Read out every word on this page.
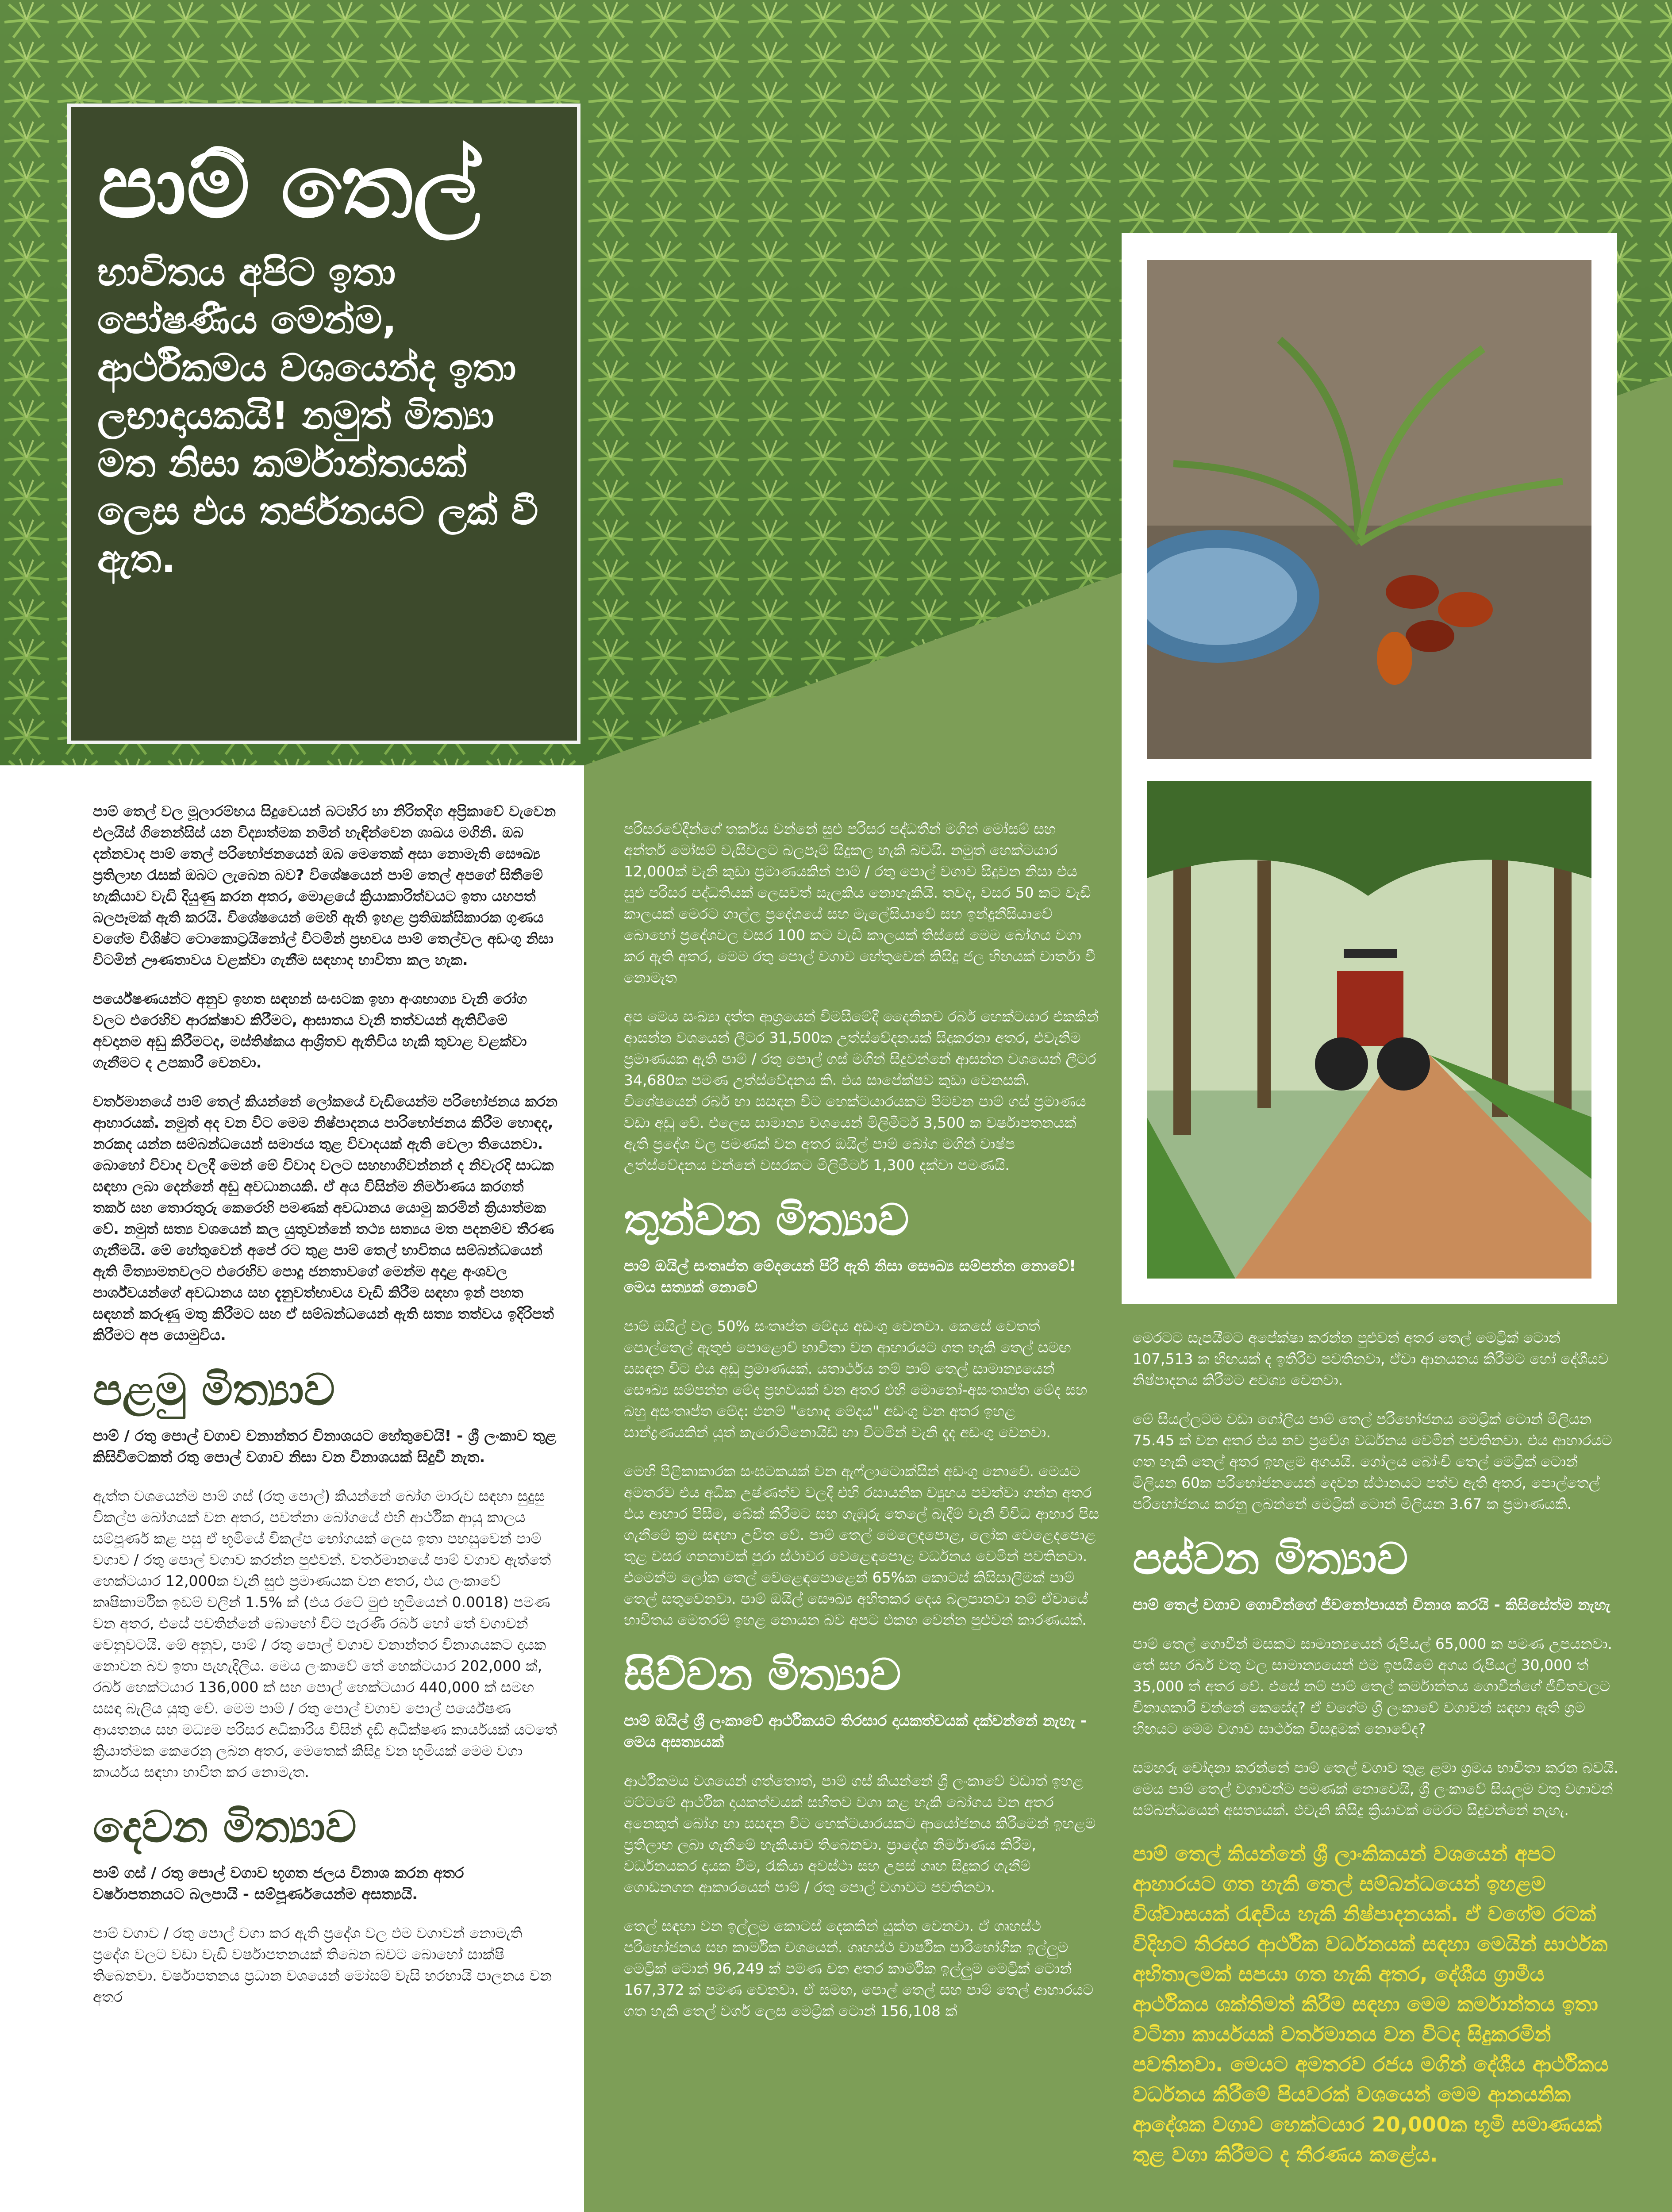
පාම් තෙල්

භාවිතය අපිට ඉතා පෝෂණීය මෙන්ම, ආර්ථිකමය වශයෙන්ද ඉතා ලභාදායකයි! නමුත් මිත්‍යා මත නිසා කර්මාන්තයක් ලෙස එය තර්ජනයට ලක් වී ඇත.

පාම් තෙල් වල මූලාරම්භය සිදුවෙයන් බටහිර හා නිරිතදිග අප්‍රිකාවේ වැවෙන එලයිස් ගිනෙන්සිස් යන විද්‍යාත්මක නමින් හැඳින්වෙන ශාඛය මගිනි. ඔබ දන්නවාද පාම් තෙල් පරිභෝජනයෙන් ඔබ මෙතෙක් අසා නොමැති සෞඛ්‍ය ප්‍රතිලාභ රැසක් ඔබට ලැබෙන බව? විශේෂයෙන් පාම් තෙල් අපගේ සිතීමේ හැකියාව වැඩි දියුණු කරන අතර, මොළයේ ක්‍රියාකාරිත්වයට ඉතා යහපත් බලපෑමක් ඇති කරයි. විශේෂයෙන් මෙහි ඇති ඉහළ ප්‍රතිඔක්සිකාරක ගුණය වගේම විශිෂ්ට ටොකොට්‍රයිනෝල් විටමින් ප්‍රභවය පාම් තෙල්වල අඩංගු නිසා විටමින් ඌණතාවය වළක්වා ගැනීම සඳහාද භාවිතා කල හැක.

පර්යේෂණයන්ට අනුව ඉහත සඳහන් සංඝටක ඉහා අංශභාග්‍ය වැනි රෝග වලට එරෙහිව ආරක්ෂාව කිරීමට, ආඝාතය වැනි තත්වයන් ඇතිවීමේ අවදානම අඩු කිරීමටද, මස්තිෂ්කය ආශ්‍රිතව ඇතිවිය හැකි තුවාළ වළක්වා ගැනීමට ද උපකාරී වෙනවා.

වර්තමානයේ පාම් තෙල් කියන්නේ ලෝකයේ වැඩියෙන්ම පරිභෝජනය කරන ආහාරයක්. නමුත් අද වන විට මෙම නිෂ්පාදනය පාරිභෝජනය කිරීම හොඳද, නරකද යන්න සම්බන්ධයෙන් සමාජය තුළ විවාදයක් ඇති වෙලා තියෙනවා. බොහෝ විවාද වලදී මෙන් මේ විවාද වලට සහභාගිවන්නන් ද නිවැරදි සාධක සඳහා ලබා දෙන්නේ අඩු අවධානයකි. ඒ අය විසින්ම නිර්මාණය කරගත් තර්ක සහ තොරතුරු කෙරෙහි පමණක් අවධානය යොමු කරමින් ක්‍රියාත්මක වේ. නමුත් සත්‍ය වශයෙන් කල යුතුවන්නේ තථ්‍ය සත්‍යය මත පදනම්ව තීරණ ගැනීමයි. මේ හේතුවෙන් අපේ රට තුළ පාම් තෙල් භාවිතය සම්බන්ධයෙන් ඇති මිත්‍යාමතවලට එරෙහිව පොදු ජනතාවගේ මෙන්ම අදාළ අංශවල පාර්ශ්වයන්ගේ අවධානය සහ දැනුවත්භාවය වැඩි කිරීම සඳහා ඉන් පහත සඳහන් කරුණු මතු කිරීමට සහ ඒ සම්බන්ධයෙන් ඇති සත්‍ය තත්වය ඉදිරිපත් කිරීමට අප යොමුවිය.

පළමු මිත්‍යාව

පාම් / රතු පොල් වගාව වනාන්තර විනාශයට හේතුවෙයි! - ශ්‍රී ලංකාව තුළ කිසිවිටෙකත් රතු පොල් වගාව නිසා වන විනාශයක් සිදුවී නැත.

ඇත්ත වශයෙන්ම පාම් ගස් (රතු පොල්) කියන්නේ බෝග මාරුව සඳහා සුදුසු විකල්ප බෝගයක් වන අතර, පවත්නා බෝගයේ එහි ආර්ථික ආයු කාලය සම්පූර්ණ කළ පසු ඒ භූමියේ විකල්ප භෝගයක් ලෙස ඉතා පහසුවෙන් පාම් වගාව / රතු පොල් වගාව කරන්න පුළුවන්. වර්තමානයේ පාම් වගාව ඇත්තේ හෙක්ටයාර 12,000ක වැනි සුළු ප්‍රමාණයක වන අතර, එය ලංකාවේ කෘෂිකාර්මික ඉඩම් වලින් 1.5% ක් (එය රටේ මුළු භූමියෙන් 0.0018) පමණ වන අතර, එසේ පවතින්නේ බොහෝ විට පැරණි රබර් හෝ තේ වගාවන් වෙනුවටයි. මේ අනුව, පාම් / රතු පොල් වගාව වනාන්තර විනාශයකට දායක නොවන බව ඉතා පැහැදිලිය. මෙය ලංකාවේ තේ හෙක්ටයාර 202,000 ක්, රබර් හෙක්ටයාර 136,000 ක් සහ පොල් හෙක්ටයාර 440,000 ක් සමඟ සසඳා බැලිය යුතු වේ. මෙම පාම් / රතු පොල් වගාව පොල් පර්යේෂණ ආයතනය සහ මධ්‍යම පරිසර අධිකාරිය විසින් දැඩි අධීක්ෂණ කාර්යයක් යටතේ ක්‍රියාත්මක කෙරෙනු ලබන අතර, මෙතෙක් කිසිදු වන භූමියක් මෙම වගා කාර්යය සඳහා භාවිත කර නොමැත.

දෙවන මිත්‍යාව

පාම් ගස් / රතු පොල් වගාව භූගත ජලය විනාශ කරන අතර වර්ෂාපතනයට බලපායි - සම්පූර්ණයෙන්ම අසත්‍යයි.

පාම් වගාව / රතු පොල් වගා කර ඇති ප්‍රදේශ වල එම වගාවන් නොමැති ප්‍රදේශ වලට වඩා වැඩි වර්ෂාපතනයක් තිබෙන බවට බොහෝ සාක්ෂි තිබෙනවා. වර්ෂාපතනය ප්‍රධාන වශයෙන් මෝසම් වැසි හරහායි පාලනය වන අතර

පරිසරවේදීන්ගේ තර්කය වන්නේ සුළු පරිසර පද්ධතීන් මගින් මෝසම් සහ අන්තර් මෝසම් වැසිවලට බලපෑම් සිදුකල හැකි බවයි. නමුත් හෙක්ටයාර 12,000ක් වැනි කුඩා ප්‍රමාණයකින් පාම් / රතු පොල් වගාව සිදුවන නිසා එය සුළු පරිසර පද්ධතියක් ලෙසවත් සැලකිය නොහැකියි. තවද, වසර 50 කට වැඩි කාලයක් මෙරට ගාල්ල ප්‍රදේශයේ සහ මැලේසියාවේ සහ ඉන්දුනීසියාවේ බොහෝ ප්‍රදේශවල වසර 100 කට වැඩි කාලයක් තිස්සේ මෙම බෝගය වගා කර ඇති අතර, මෙම රතු පොල් වගාව හේතුවෙන් කිසිදු ජල හිඟයක් වාර්තා වී නොමැත

අප මෙය සංඛ්‍යා දත්ත ආශ්‍රයෙන් විමසීමේදී දෛනිකව රබර් හෙක්ටයාර එකකින් ආසන්න වශයෙන් ලීටර 31,500ක උත්ස්වේදනයක් සිදුකරනා අතර, එවැනිම ප්‍රමාණයක ඇති පාම් / රතු පොල් ගස් මගින් සිදුවන්නේ ආසන්න වශයෙන් ලීටර 34,680ක පමණ උත්ස්වේදනය කි. එය සාපේක්ෂව කුඩා වෙනසකි. විශේෂයෙන් රබර් හා සසඳන විට හෙක්ටයාරයකට පිටවන පාම් ගස් ප්‍රමාණය වඩා අඩු වේ. එලෙස සාමාන්‍ය වශයෙන් මිලිමීටර් 3,500 ක වර්ෂාපතනයක් ඇති ප්‍රදේශ වල පමණක් වන අතර ඔයිල් පාම් බෝග මගින් වාෂ්ප උත්ස්වේදනය වන්නේ වසරකට මිලිමීටර් 1,300 දක්වා පමණයි.

තුන්වන මිත්‍යාව

පාම් ඔයිල් සංතෘප්ත මේදයෙන් පිරී ඇති නිසා සෞඛ්‍ය සම්පන්න නොවේ! මෙය සත්‍යක් නොවේ

පාම් ඔයිල් වල 50% සංතෘප්ත මේදය අඩංගු වෙනවා. කෙසේ වෙතත් පොල්තෙල් ඇතුළු පොළොව් භාවිතා වන ආහාරයට ගත හැකි තෙල් සමඟ සසඳන විට එය අඩු ප්‍රමාණයක්. යතාර්ථය නම් පාම් තෙල් සාමාන්‍යයෙන් සෞඛ්‍ය සම්පන්න මේද ප්‍රභවයක් වන අතර එහි මොනෝ-අසංතෘප්ත මේද සහ බහු අසංතෘප්ත මේද: එනම් "හොඳ මේදය" අඩංගු වන අතර ඉහළ සාන්ද්‍රණයකින් යුත් කැරොටිනොයිඩ් හා විටමින් වැනි දෑද අඩංගු වෙනවා.

මෙහි පිළිකාකාරක සංඝටකයක් වන ඇෆ්ලාටොක්සින් අඩංගු නොවේ. මෙයට අමතරව එය අධික උෂ්ණත්ව වලදී එහි රසායනික ව්‍යුහය පවත්වා ගන්න අතර එය ආහාර පිසීම, බේක් කිරීමට සහ ගැඹුරු තෙලේ බැදීම් වැනි විවිධ ආහාර පිස ගැනීමේ ක්‍රම සඳහා උචිත වේ. පාම් තෙල් මෙලෙදපොළ, ලෝක වෙළෙදපොළ තුළ වසර ගනනාවක් පුරා ස්ථාවර වෙළෙඳපොළ වර්ධනය වෙමින් පවතිනවා. එමෙන්ම ලෝක තෙල් වෙළෙඳපොළෙන් 65%ක කොටස් කිසිසාලිමක් පාම් තෙල් සතුවෙනවා. පාම් ඔයිල් සෞඛ්‍ය අහිතකර දෙය බලපානවා නම් ඒවායේ භාවිතය මෙතරම් ඉහළ නොයන බව අපට එකඟ වෙන්න පුළුවන් කාරණයක්.

සිව්වන මිත්‍යාව

පාම් ඔයිල් ශ්‍රී ලංකාවේ ආර්ථිකයට තිරසාර දායකත්වයක් දක්වන්නේ නැහැ - මෙය අසත්‍යයක්

ආර්ථිකමය වශයෙන් ගත්තොත්, පාම් ගස් කියන්නේ ශ්‍රී ලංකාවේ වඩාත් ඉහළ මට්ටමේ ආර්ථික දායකත්වයක් සහිතව වගා කළ හැකි බෝගය වන අතර අනෙකුත් බෝග හා සසඳන විට හෙක්ටයාරයකට ආයෝජනය කිරීමෙන් ඉහළම ප්‍රතිලාභ ලබා ගැනීමේ හැකියාව තිබෙනවා. ප්‍රාදේශ නිර්මාණය කිරීම, වර්ධනයකර දායක වීම, රැකියා අවස්ථා සහ උපස් ගෘහ සිදුකර ගැනීම් ගොඩනගන ආකාරයෙන් පාම් / රතු පොල් වගාවට පවතිනවා.

තෙල් සඳහා වන ඉල්ලුම කොටස් දෙකකින් යුක්ත වෙනවා. ඒ ගෘහස්ථ පරිභෝජනය සහ කාර්මික වශයෙන්. ගෘහස්ථ වාර්ෂික පාරිභෝගික ඉල්ලුම මෙට්‍රික් ටොන් 96,249 ක් පමණ වන අතර කාර්මික ඉල්ලුම මෙට්‍රික් ටොන් 167,372 ක් පමණ වෙනවා. ඒ සමඟ, පොල් තෙල් සහ පාම් තෙල් ආහාරයට ගත හැකි තෙල් වර්ග ලෙස මෙට්‍රික් ටොන් 156,108 ක්

මෙරටට සැපයීමට අපේක්ෂා කරන්න පුළුවන් අතර තෙල් මෙට්‍රික් ටොන් 107,513 ක හිඟයක් ද ඉතිරිව පවතිනවා, ඒවා ආනයනය කිරීමට හෝ දේශීයව නිෂ්පාදනය කිරීමට අවශ්‍ය වෙනවා.

මේ සියල්ලටම වඩා ගෝලීය පාම් තෙල් පරිභෝජනය මෙට්‍රික් ටොන් මිලියන 75.45 ක් වන අතර එය නව ප්‍රවේශ වර්ධනය වෙමින් පවතිනවා. එය ආහාරයට ගත හැකි තෙල් අතර ඉහළම අගයයි. ගෝලය බෝංචි තෙල් මෙට්‍රික් ටොන් මිලියන 60ක පරිභෝජනයෙන් දෙවන ස්ථානයට පත්ව ඇති අතර, පොල්තෙල් පරිභෝජනය කරනු ලබන්නේ මෙට්‍රික් ටොන් මිලියන 3.67 ක ප්‍රමාණයකි.

පස්වන මිත්‍යාව

පාම් තෙල් වගාව ගොවීන්ගේ ජීවනෝපායන් විනාශ කරයි - කිසිසේත්ම නැහැ

පාම් තෙල් ගොවීන් මසකට සාමාන්‍යයෙන් රුපියල් 65,000 ක පමණ උපයනවා. තේ සහ රබර් වතු වල සාමාන්‍යයෙන් එම ඉපයීමේ අගය රුපියල් 30,000 ත් 35,000 ත් අතර වේ. එසේ නම් පාම් තෙල් කර්මාන්තය ගොවීන්ගේ ජීවිතවලට විනාශකාරී වන්නේ කෙසේද? ඒ වගේම ශ්‍රී ලංකාවේ වගාවන් සඳහා ඇති ශ්‍රම හිඟයට මෙම වගාව සාර්ථක විසඳුමක් නොවේද?

සමහරු චෝදනා කරන්නේ පාම් තෙල් වගාව තුළ ළමා ශ්‍රමය භාවිතා කරන බවයි. මෙය පාම් තෙල් වගාවන්ට පමණක් නොවෙයි, ශ්‍රී ලංකාවේ සියලුම වතු වගාවන් සම්බන්ධයෙන් අසත්‍යයක්. එවැනි කිසිදු ක්‍රියාවක් මෙරට සිදුවන්නේ නැහැ.

පාම් තෙල් කියන්නේ ශ්‍රී ලාංකිකයන් වශයෙන් අපට ආහාරයට ගත හැකි තෙල් සම්බන්ධයෙන් ඉහළම විශ්වාසයක් රැඳවිය හැකි නිෂ්පාදනයක්. ඒ වගේම රටක් විදිහට තිරසර ආර්ථික වර්ධනයක් සඳහා මෙයින් සාර්ථක අභිතාලමක් සපයා ගත හැකි අතර, දේශීය ග්‍රාමීය ආර්ථිකය ශක්තිමත් කිරීම සඳහා මෙම කර්මාන්තය ඉතා වටිනා කාර්යයක් වර්තමානය වන විටද සිදුකරමින් පවතිනවා. මෙයට අමතරව රජය මගින් දේශීය ආර්ථිකය වර්ධනය කිරීමේ පියවරක් වශයෙන් මෙම ආනයනික ආදේශක වගාව හෙක්ටයාර 20,000ක භූමි සමාණයක් තුළ වගා කිරීමට ද තීරණය කළේය.
